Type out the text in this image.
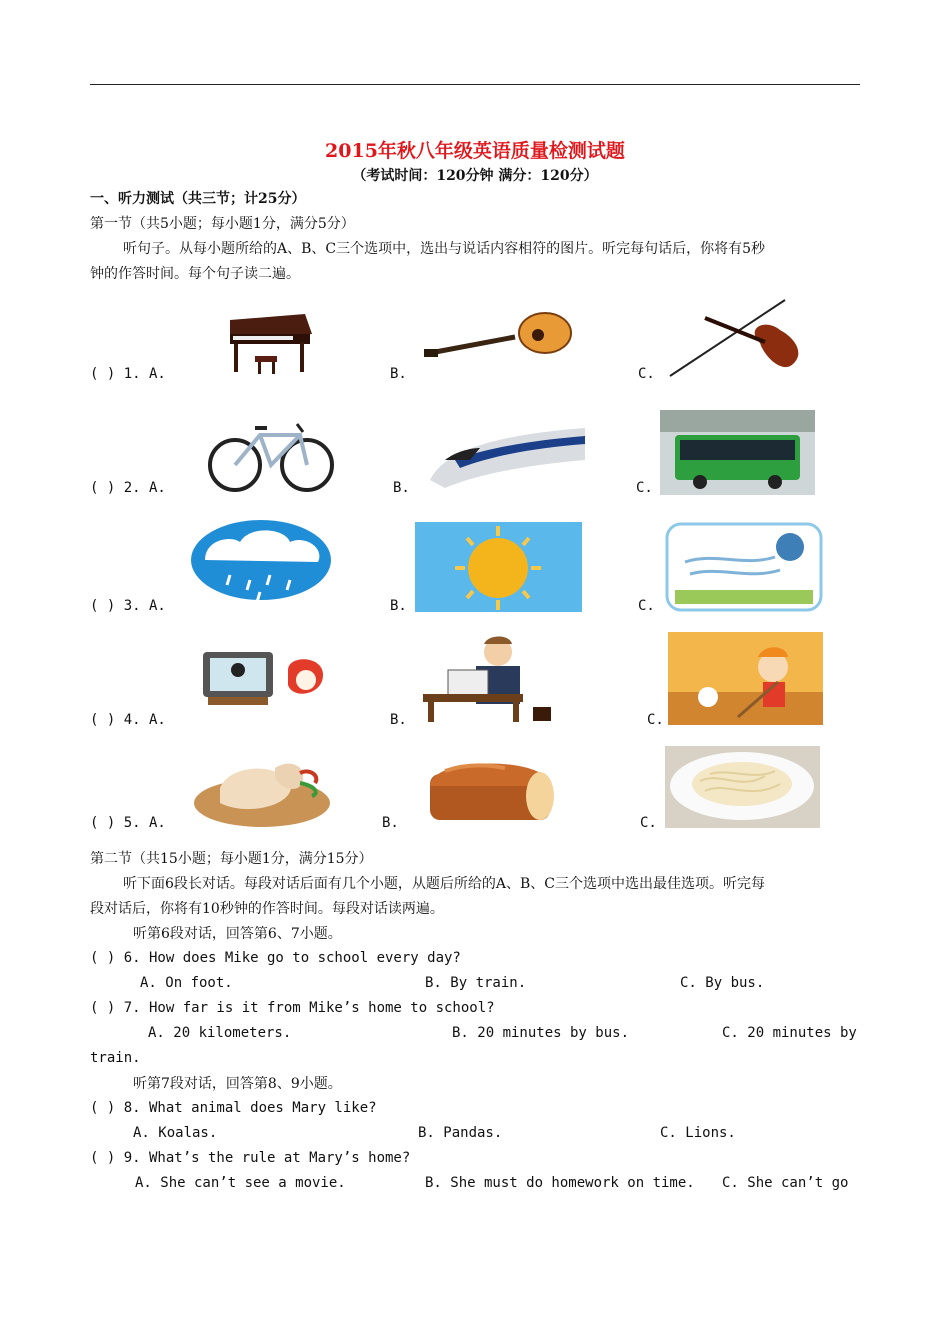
2015年秋八年级英语质量检测试题
（考试时间：120分钟 满分：120分）
一、听力测试（共三节；计25分）
第一节（共5小题；每小题1分，满分5分）
听句子。从每小题所给的A、B、C三个选项中，选出与说话内容相符的图片。听完每句话后，你将有5秒
钟的作答时间。每个句子读二遍。
( ) 1. A.	B.	C.
( ) 2. A.	B.	C.
( ) 3. A.	B.	C.
( ) 4. A.	B.	C.
( ) 5. A.	B.	C.
第二节（共15小题；每小题1分，满分15分）
听下面6段长对话。每段对话后面有几个小题，从题后所给的A、B、C三个选项中选出最佳选项。听完每
段对话后，你将有10秒钟的作答时间。每段对话读两遍。
听第6段对话，回答第6、7小题。
( ) 6. How does Mike go to school every day?
A. On foot.	B. By train.	C. By bus.
( ) 7. How far is it from Mike’s home to school?
A. 20 kilometers.	B. 20 minutes by bus.	C. 20 minutes by
train.
听第7段对话，回答第8、9小题。
( ) 8. What animal does Mary like?
A. Koalas.	B. Pandas.	C. Lions.
( ) 9. What’s the rule at Mary’s home?
A. She can’t see a movie.	B. She must do homework on time. C. She can’t go
